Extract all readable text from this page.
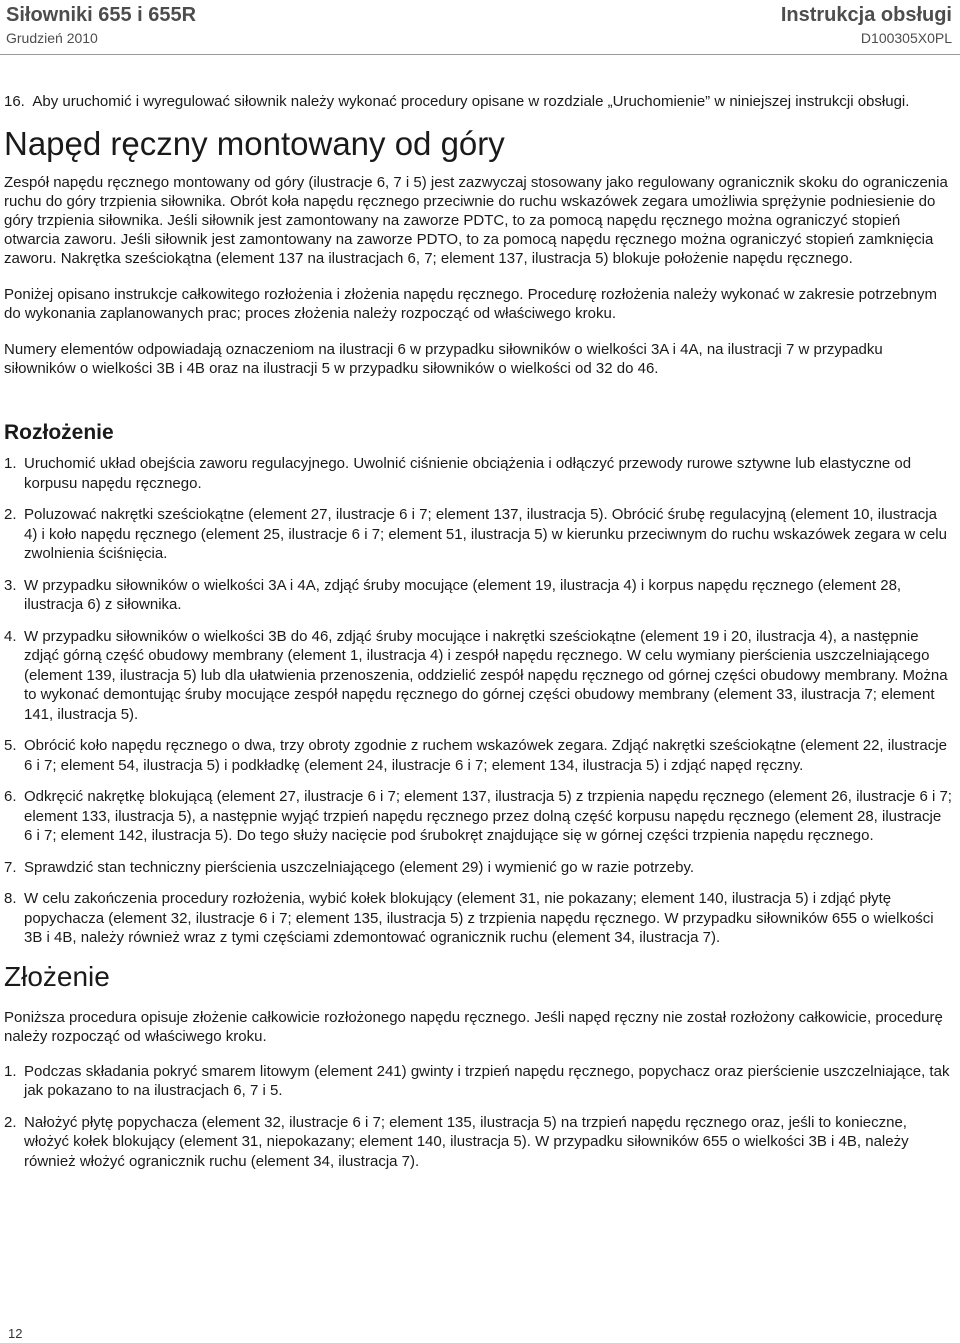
Siłowniki 655 i 655R
Grudzień 2010
Instrukcja obsługi
D100305X0PL

16. Aby uruchomić i wyregulować siłownik należy wykonać procedury opisane w rozdziale „Uruchomienie” w niniejszej instrukcji obsługi.

Napęd ręczny montowany od góry

Zespół napędu ręcznego montowany od góry (ilustracje 6, 7 i 5) jest zazwyczaj stosowany jako regulowany ogranicznik skoku do ograniczenia ruchu do góry trzpienia siłownika. Obrót koła napędu ręcznego przeciwnie do ruchu wskazówek zegara umożliwia sprężynie podniesienie do góry trzpienia siłownika. Jeśli siłownik jest zamontowany na zaworze PDTC, to za pomocą napędu ręcznego można ograniczyć stopień otwarcia zaworu. Jeśli siłownik jest zamontowany na zaworze PDTO, to za pomocą napędu ręcznego można ograniczyć stopień zamknięcia zaworu. Nakrętka sześciokątna (element 137 na ilustracjach 6, 7; element 137, ilustracja 5) blokuje położenie napędu ręcznego.

Poniżej opisano instrukcje całkowitego rozłożenia i złożenia napędu ręcznego. Procedurę rozłożenia należy wykonać w zakresie potrzebnym do wykonania zaplanowanych prac; proces złożenia należy rozpocząć od właściwego kroku.

Numery elementów odpowiadają oznaczeniom na ilustracji 6 w przypadku siłowników o wielkości 3A i 4A, na ilustracji 7 w przypadku siłowników o wielkości 3B i 4B oraz na ilustracji 5 w przypadku siłowników o wielkości od 32 do 46.

Rozłożenie
1. Uruchomić układ obejścia zaworu regulacyjnego. Uwolnić ciśnienie obciążenia i odłączyć przewody rurowe sztywne lub elastyczne od korpusu napędu ręcznego.
2. Poluzować nakrętki sześciokątne (element 27, ilustracje 6 i 7; element 137, ilustracja 5). Obrócić śrubę regulacyjną (element 10, ilustracja 4) i koło napędu ręcznego (element 25, ilustracje 6 i 7; element 51, ilustracja 5) w kierunku przeciwnym do ruchu wskazówek zegara w celu zwolnienia ściśnięcia.
3. W przypadku siłowników o wielkości 3A i 4A, zdjąć śruby mocujące (element 19, ilustracja 4) i korpus napędu ręcznego (element 28, ilustracja 6) z siłownika.
4. W przypadku siłowników o wielkości 3B do 46, zdjąć śruby mocujące i nakrętki sześciokątne (element 19 i 20, ilustracja 4), a następnie zdjąć górną część obudowy membrany (element 1, ilustracja 4) i zespół napędu ręcznego. W celu wymiany pierścienia uszczelniającego (element 139, ilustracja 5) lub dla ułatwienia przenoszenia, oddzielić zespół napędu ręcznego od górnej części obudowy membrany. Można to wykonać demontując śruby mocujące zespół napędu ręcznego do górnej części obudowy membrany (element 33, ilustracja 7; element 141, ilustracja 5).
5. Obrócić koło napędu ręcznego o dwa, trzy obroty zgodnie z ruchem wskazówek zegara. Zdjąć nakrętki sześciokątne (element 22, ilustracje 6 i 7; element 54, ilustracja 5) i podkładkę (element 24, ilustracje 6 i 7; element 134, ilustracja 5) i zdjąć napęd ręczny.
6. Odkręcić nakrętkę blokującą (element 27, ilustracje 6 i 7; element 137, ilustracja 5) z trzpienia napędu ręcznego (element 26, ilustracje 6 i 7; element 133, ilustracja 5), a następnie wyjąć trzpień napędu ręcznego przez dolną część korpusu napędu ręcznego (element 28, ilustracje 6 i 7; element 142, ilustracja 5). Do tego służy nacięcie pod śrubokręt znajdujące się w górnej części trzpienia napędu ręcznego.
7. Sprawdzić stan techniczny pierścienia uszczelniającego (element 29) i wymienić go w razie potrzeby.
8. W celu zakończenia procedury rozłożenia, wybić kołek blokujący (element 31, nie pokazany; element 140, ilustracja 5) i zdjąć płytę popychacza (element 32, ilustracje 6 i 7; element 135, ilustracja 5) z trzpienia napędu ręcznego. W przypadku siłowników 655 o wielkości 3B i 4B, należy również wraz z tymi częściami zdemontować ogranicznik ruchu (element 34, ilustracja 7).
Złożenie

Poniższa procedura opisuje złożenie całkowicie rozłożonego napędu ręcznego. Jeśli napęd ręczny nie został rozłożony całkowicie, procedurę należy rozpocząć od właściwego kroku.

1. Podczas składania pokryć smarem litowym (element 241) gwinty i trzpień napędu ręcznego, popychacz oraz pierścienie uszczelniające, tak jak pokazano to na ilustracjach 6, 7 i 5.
2. Nałożyć płytę popychacza (element 32, ilustracje 6 i 7; element 135, ilustracja 5) na trzpień napędu ręcznego oraz, jeśli to konieczne, włożyć kołek blokujący (element 31, niepokazany; element 140, ilustracja 5). W przypadku siłowników 655 o wielkości 3B i 4B, należy również włożyć ogranicznik ruchu (element 34, ilustracja 7).
12
